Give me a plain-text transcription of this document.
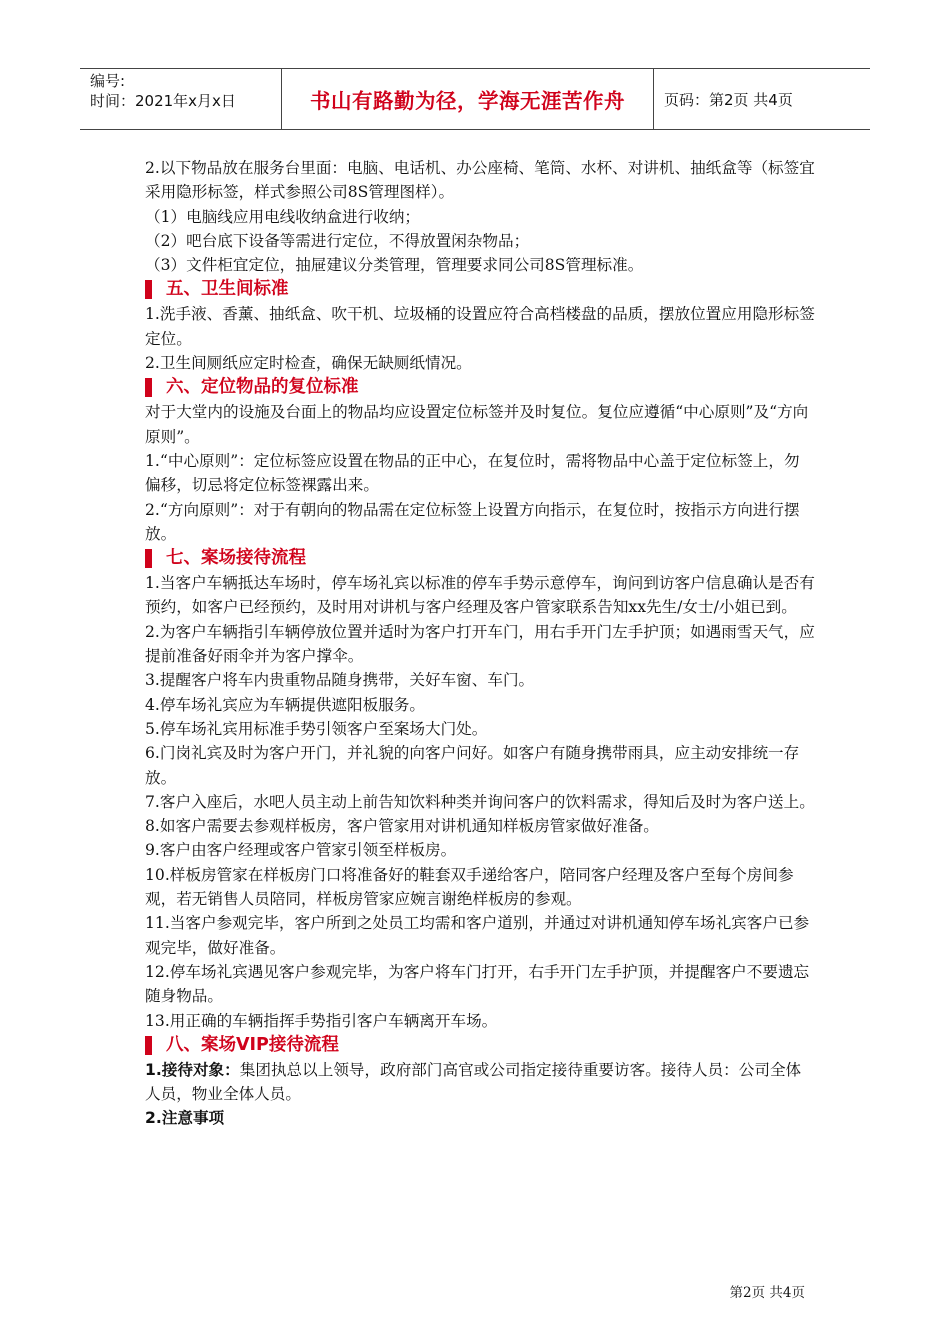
编号:
时间：2021年x月x日	书山有路勤为径，学海无涯苦作舟	页码：第2页 共4页

2.以下物品放在服务台里面：电脑、电话机、办公座椅、笔筒、水杯、对讲机、抽纸盒等（标签宜采用隐形标签，样式参照公司8S管理图样）。

（1）电脑线应用电线收纳盒进行收纳；

（2）吧台底下设备等需进行定位，不得放置闲杂物品；

（3）文件柜宜定位，抽屉建议分类管理，管理要求同公司8S管理标准。

五、卫生间标准

1.洗手液、香薰、抽纸盒、吹干机、垃圾桶的设置应符合高档楼盘的品质，摆放位置应用隐形标签定位。

2.卫生间厕纸应定时检查，确保无缺厕纸情况。

六、定位物品的复位标准

对于大堂内的设施及台面上的物品均应设置定位标签并及时复位。复位应遵循“中心原则”及“方向原则”。

1.“中心原则”：定位标签应设置在物品的正中心，在复位时，需将物品中心盖于定位标签上，勿偏移，切忌将定位标签裸露出来。

2.“方向原则”：对于有朝向的物品需在定位标签上设置方向指示，在复位时，按指示方向进行摆放。

七、案场接待流程

1.当客户车辆抵达车场时，停车场礼宾以标准的停车手势示意停车，询问到访客户信息确认是否有预约，如客户已经预约，及时用对讲机与客户经理及客户管家联系告知xx先生/女士/小姐已到。

2.为客户车辆指引车辆停放位置并适时为客户打开车门，用右手开门左手护顶；如遇雨雪天气，应提前准备好雨伞并为客户撑伞。

3.提醒客户将车内贵重物品随身携带，关好车窗、车门。

4.停车场礼宾应为车辆提供遮阳板服务。

5.停车场礼宾用标准手势引领客户至案场大门处。

6.门岗礼宾及时为客户开门，并礼貌的向客户问好。如客户有随身携带雨具，应主动安排统一存放。

7.客户入座后，水吧人员主动上前告知饮料种类并询问客户的饮料需求，得知后及时为客户送上。

8.如客户需要去参观样板房，客户管家用对讲机通知样板房管家做好准备。

9.客户由客户经理或客户管家引领至样板房。

10.样板房管家在样板房门口将准备好的鞋套双手递给客户，陪同客户经理及客户至每个房间参观，若无销售人员陪同，样板房管家应婉言谢绝样板房的参观。

11.当客户参观完毕，客户所到之处员工均需和客户道别，并通过对讲机通知停车场礼宾客户已参观完毕，做好准备。

12.停车场礼宾遇见客户参观完毕，为客户将车门打开，右手开门左手护顶，并提醒客户不要遗忘随身物品。

13.用正确的车辆指挥手势指引客户车辆离开车场。

八、案场VIP接待流程

1.接待对象：集团执总以上领导，政府部门高官或公司指定接待重要访客。接待人员：公司全体人员，物业全体人员。

2.注意事项

第2页 共4页
